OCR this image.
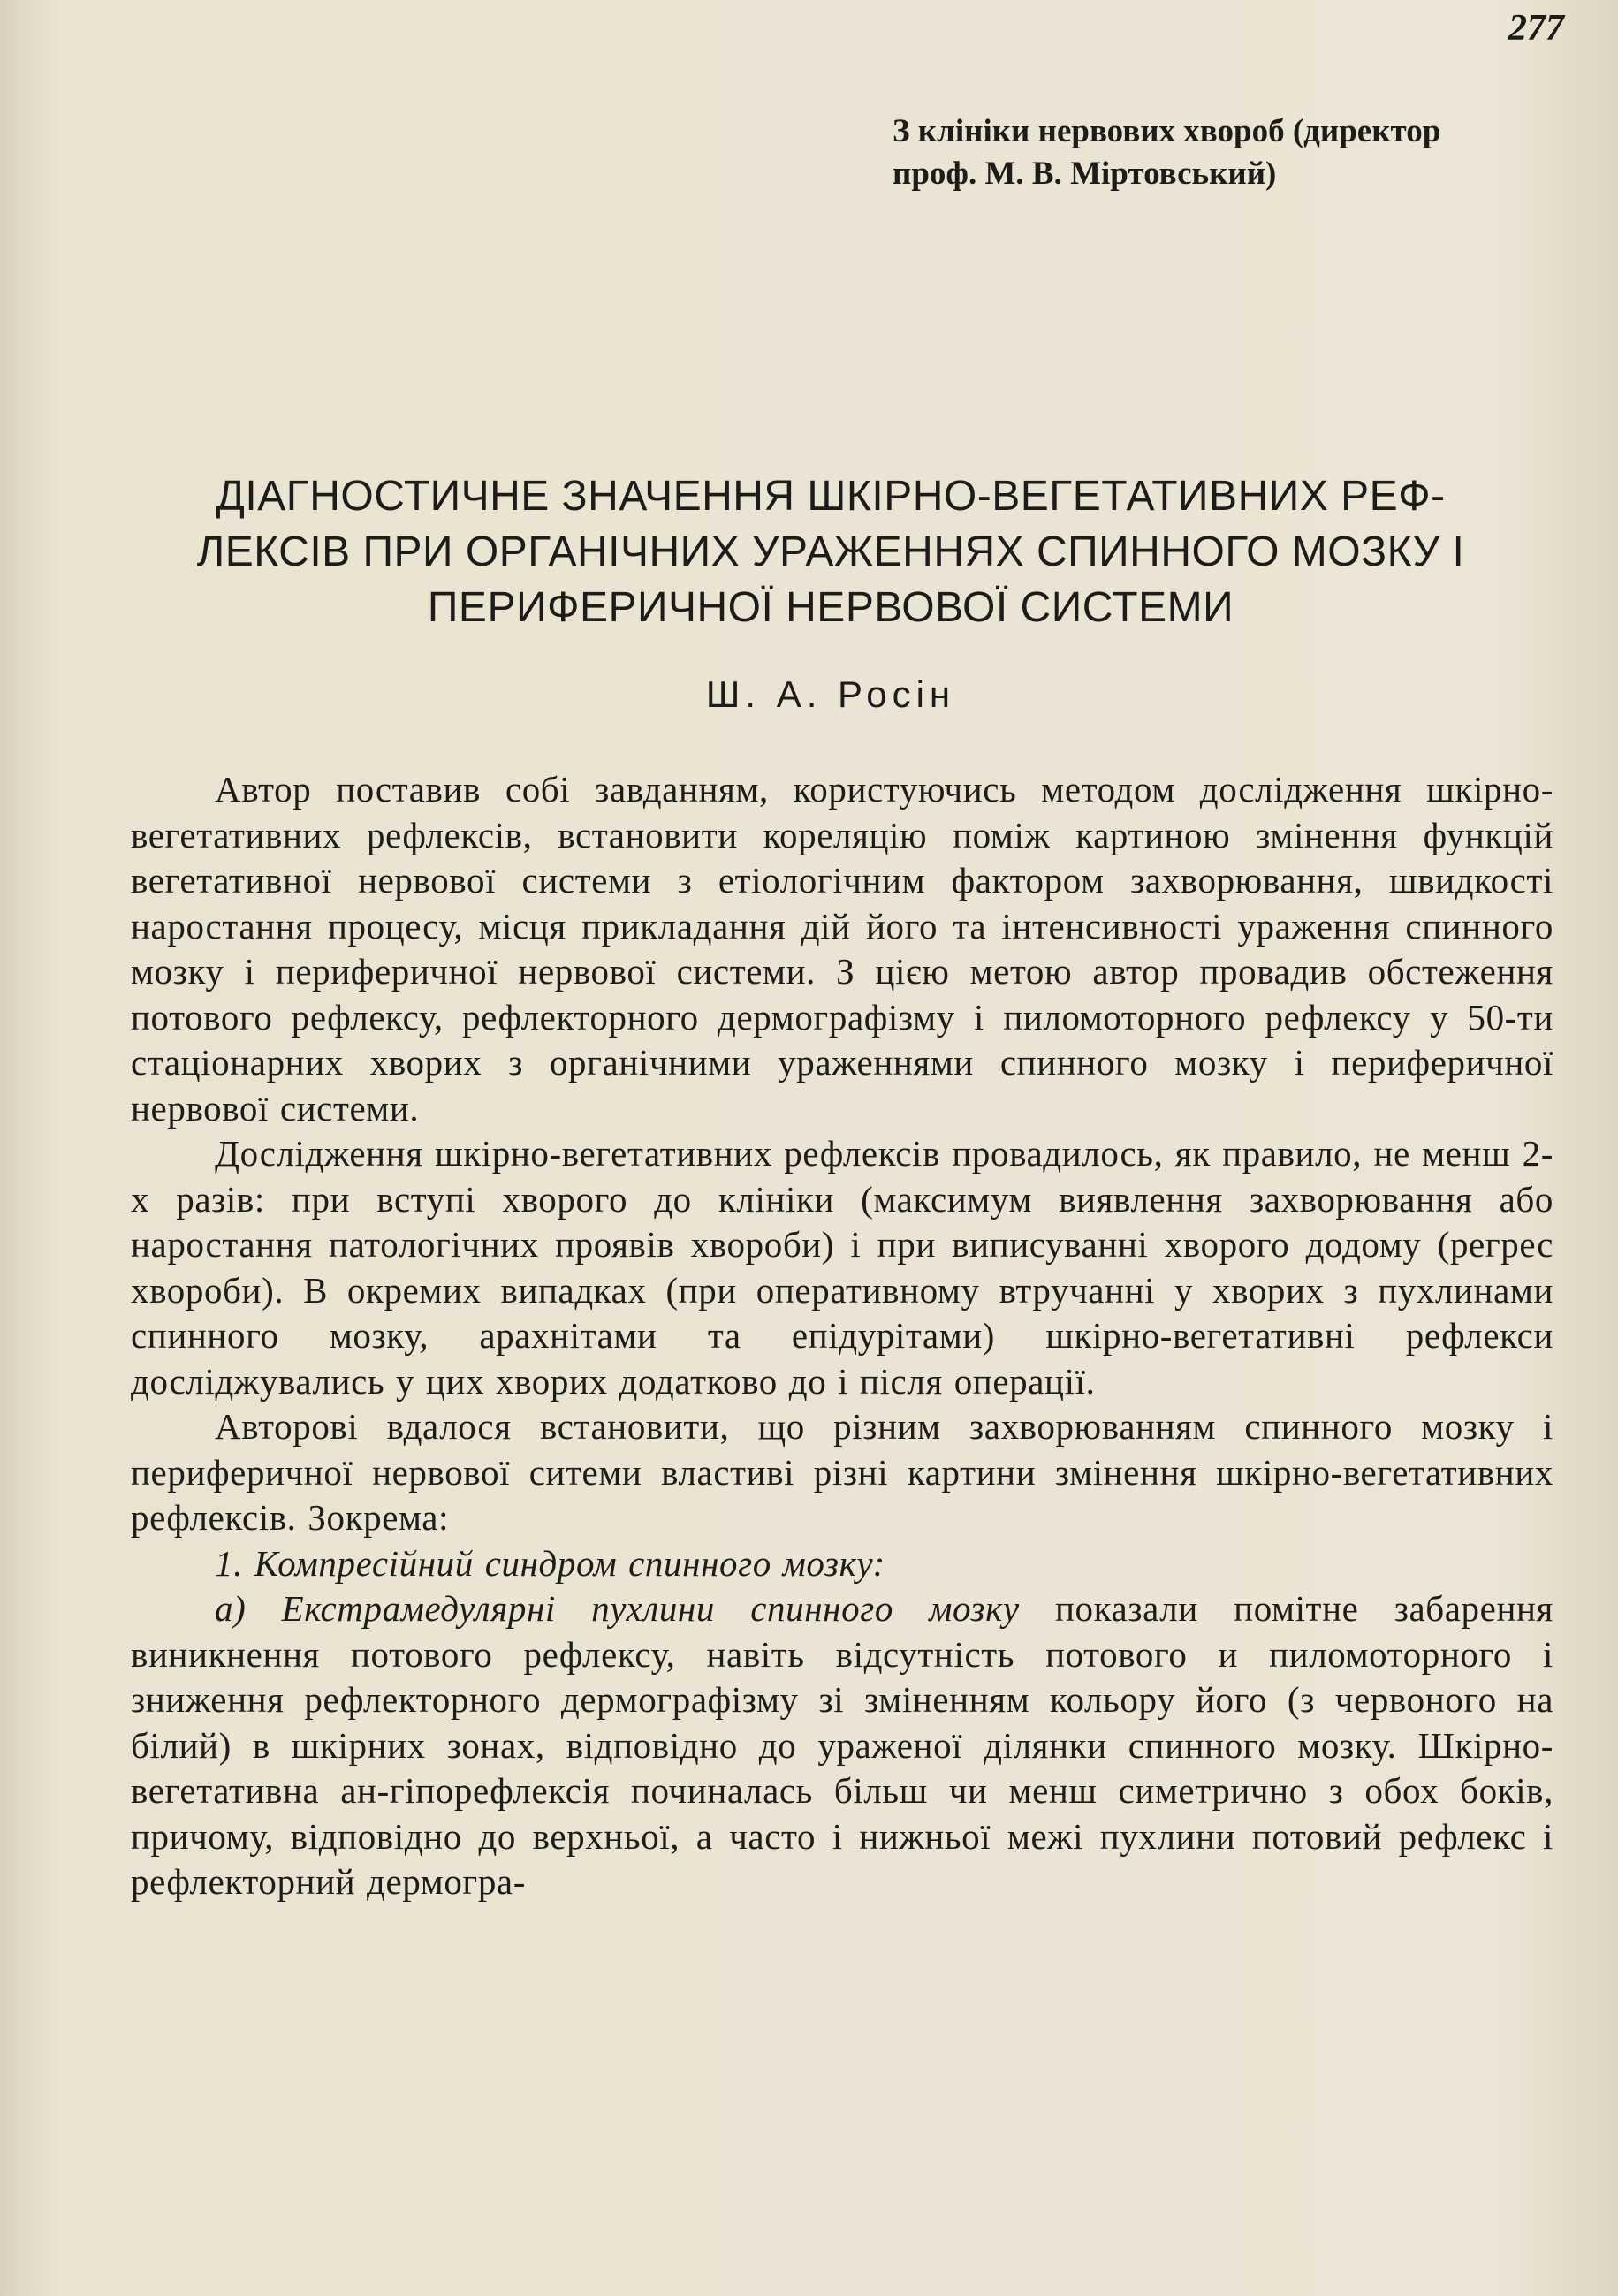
277
З клініки нервових хвороб (директор
проф. М. В. Міртовський)
ДІАГНОСТИЧНЕ ЗНАЧЕННЯ ШКІРНО-ВЕГЕТАТИВНИХ РЕФ-
ЛЕКСІВ ПРИ ОРГАНІЧНИХ УРАЖЕННЯХ СПИННОГО МОЗКУ І
ПЕРИФЕРИЧНОЇ НЕРВОВОЇ СИСТЕМИ
Ш. А. Росін

Автор поставив собі завданням, користуючись методом дослідження шкірно-вегетативних рефлексів, встановити кореляцію поміж картиною змінення функцій вегетативної нервової системи з етіологічним фактором захворювання, швидкості наростання процесу, місця прикладання дій його та інтенсивності ураження спинного мозку і периферичної нервової системи. З цією метою автор провадив обстеження потового рефлексу, рефлекторного дермографізму і пиломоторного рефлексу у 50-ти стаціонарних хворих з органічними ураженнями спинного мозку і периферичної нервової системи.

Дослідження шкірно-вегетативних рефлексів провадилось, як правило, не менш 2-х разів: при вступі хворого до клініки (максимум виявлення захворювання або наростання патологічних проявів хвороби) і при виписуванні хворого додому (регрес хвороби). В окремих випадках (при оперативному втручанні у хворих з пухлинами спинного мозку, арахнітами та епідурітами) шкірно-вегетативні рефлекси досліджувались у цих хворих додатково до і після операції.

Авторові вдалося встановити, що різним захворюванням спинного мозку і периферичної нервової ситеми властиві різні картини змінення шкірно-вегетативних рефлексів. Зокрема:

1. Компресійний синдром спинного мозку:

а) Екстрамедулярні пухлини спинного мозку показали помітне забарення виникнення потового рефлексу, навіть відсутність потового и пиломоторного і зниження рефлекторного дермографізму зі зміненням кольору його (з червоного на білий) в шкірних зонах, відповідно до ураженої ділянки спинного мозку. Шкірно- вегетативна ан-гіпорефлексія починалась більш чи менш симетрично з обох боків, причому, відповідно до верхньої, а часто і нижньої межі пухлини потовий рефлекс і рефлекторний дермогра-
